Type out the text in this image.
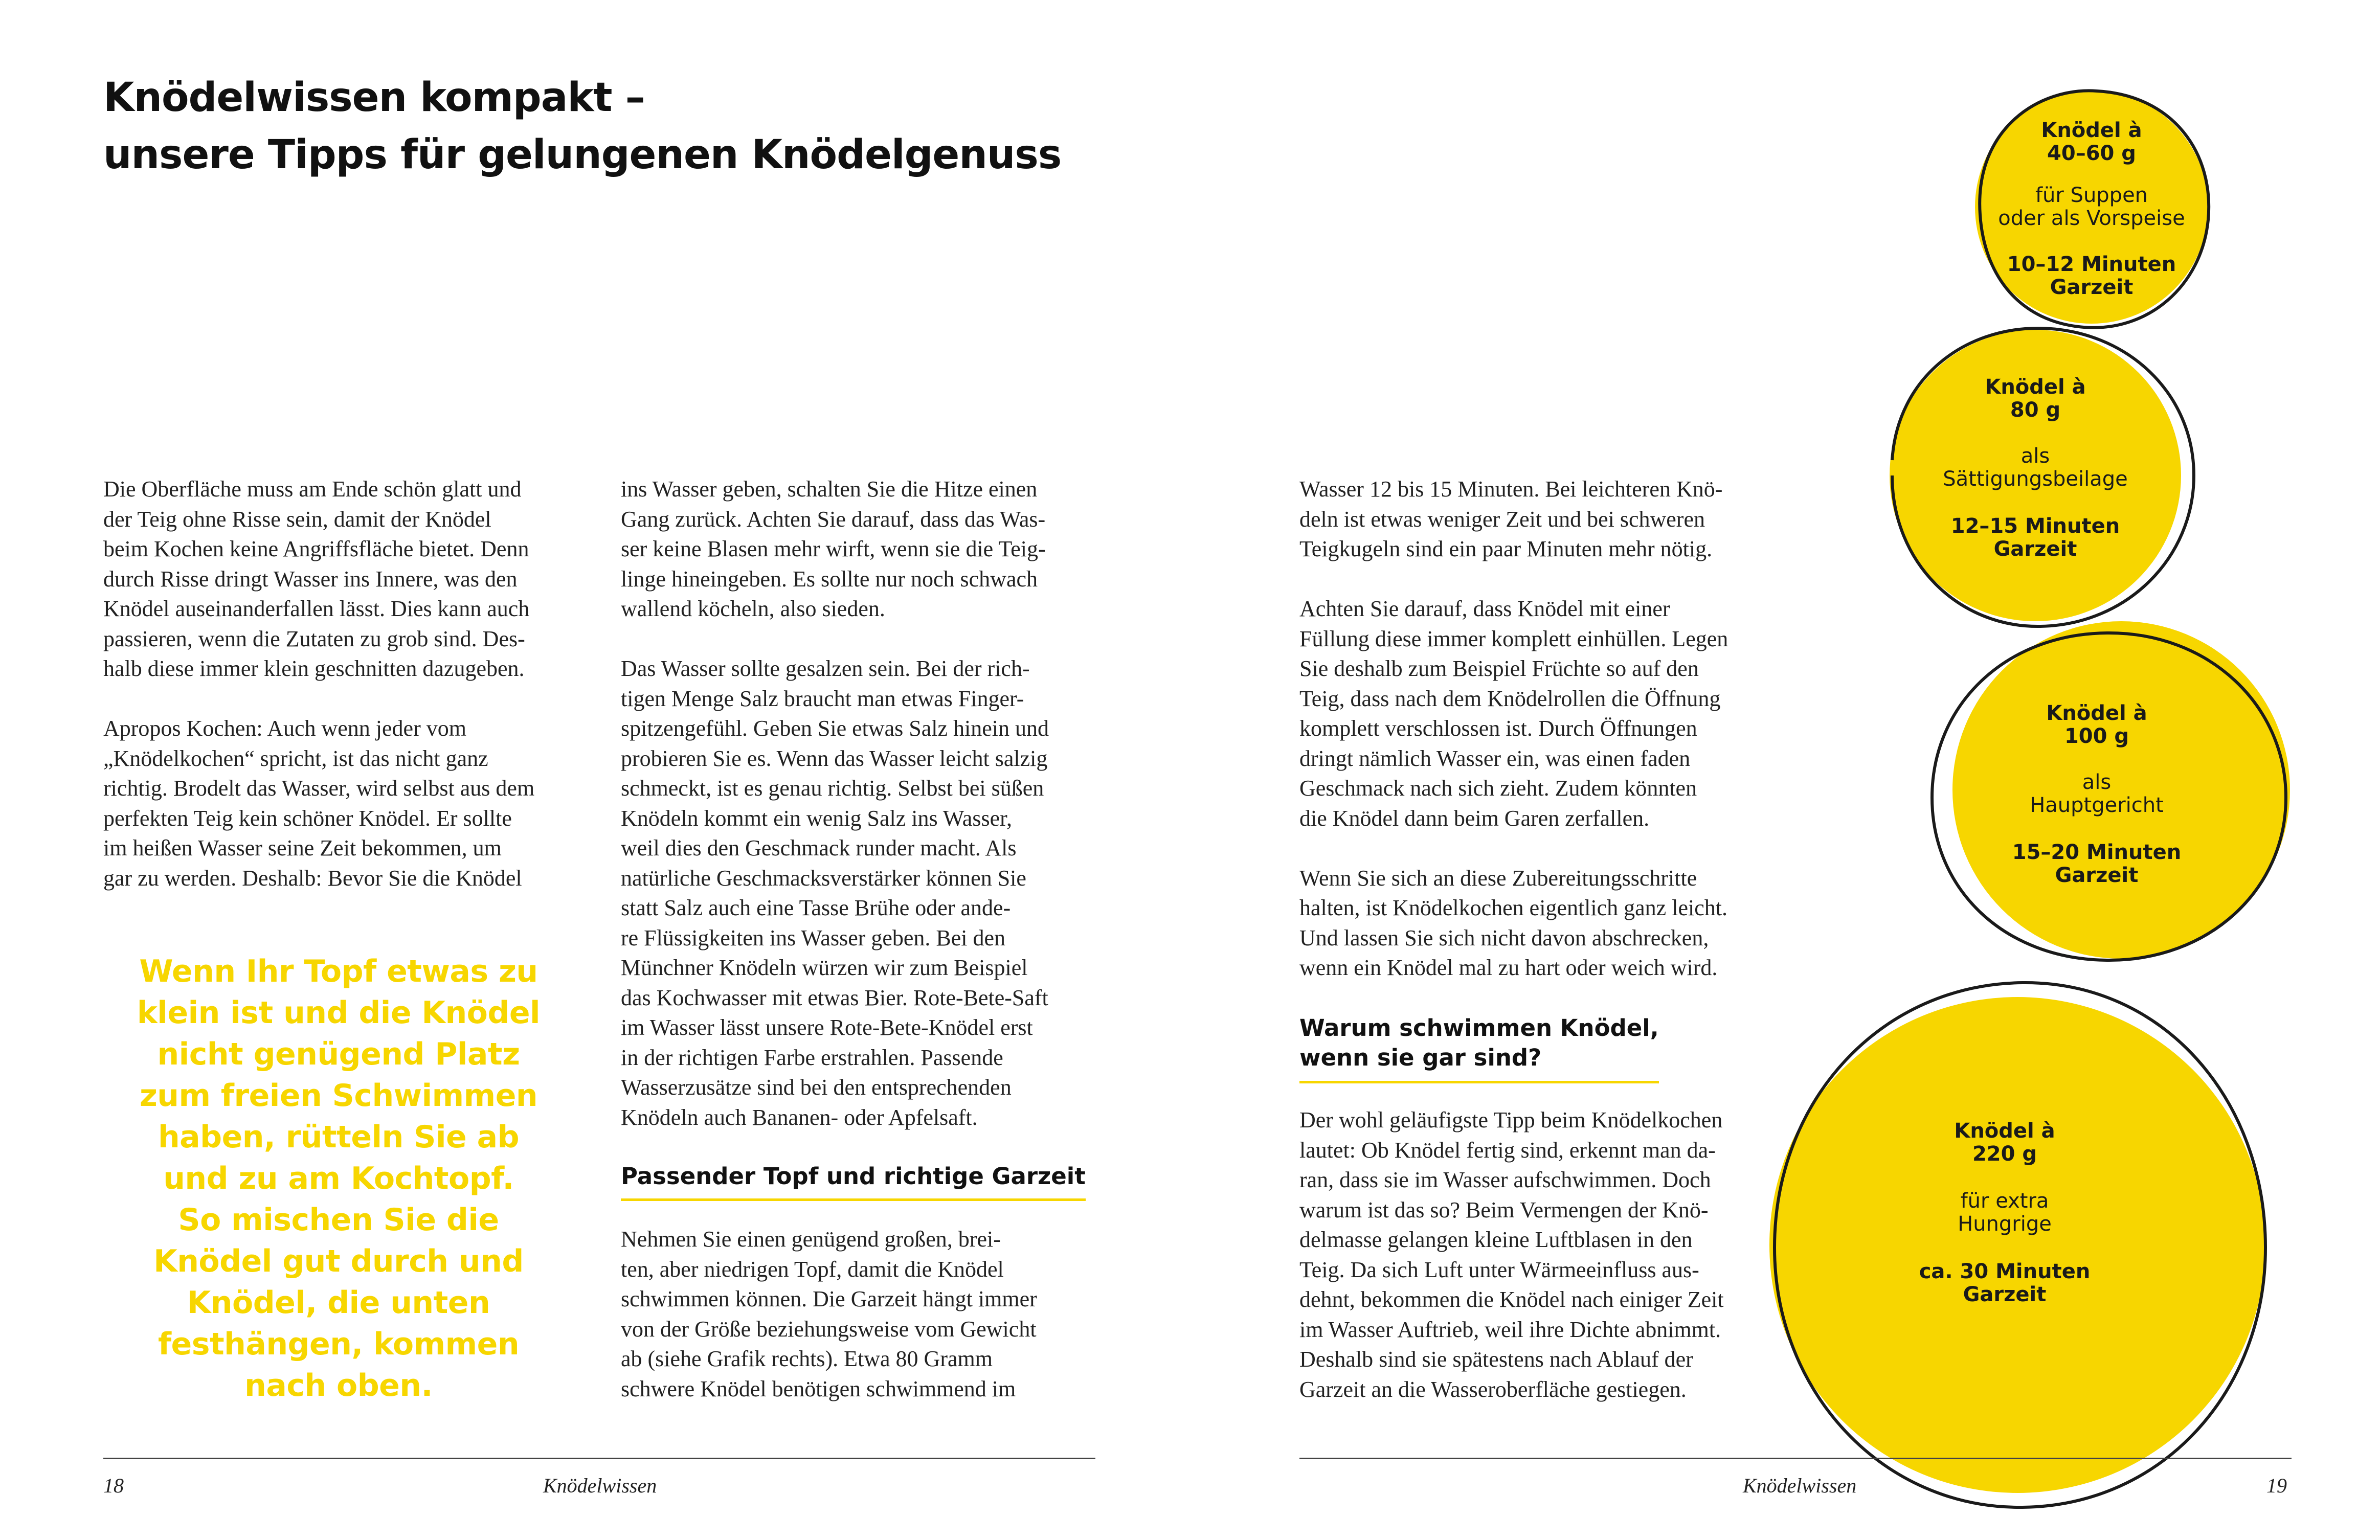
Knödelwissen kompakt –
unsere Tipps für gelungenen Knödelgenuss

Die Oberfläche muss am Ende schön glatt und
der Teig ohne Risse sein, damit der Knödel
beim Kochen keine Angriffsfläche bietet. Denn
durch Risse dringt Wasser ins Innere, was den
Knödel auseinanderfallen lässt. Dies kann auch
passieren, wenn die Zutaten zu grob sind. Des-
halb diese immer klein geschnitten dazugeben.

Apropos Kochen: Auch wenn jeder vom
„Knödelkochen“ spricht, ist das nicht ganz
richtig. Brodelt das Wasser, wird selbst aus dem
perfekten Teig kein schöner Knödel. Er sollte
im heißen Wasser seine Zeit bekommen, um
gar zu werden. Deshalb: Bevor Sie die Knödel

Wenn Ihr Topf etwas zu
klein ist und die Knödel
nicht genügend Platz
zum freien Schwimmen
haben, rütteln Sie ab
und zu am Kochtopf.
So mischen Sie die
Knödel gut durch und
Knödel, die unten
festhängen, kommen
nach oben.

ins Wasser geben, schalten Sie die Hitze einen
Gang zurück. Achten Sie darauf, dass das Was-
ser keine Blasen mehr wirft, wenn sie die Teig-
linge hineingeben. Es sollte nur noch schwach
wallend köcheln, also sieden.

Das Wasser sollte gesalzen sein. Bei der rich-
tigen Menge Salz braucht man etwas Finger-
spitzengefühl. Geben Sie etwas Salz hinein und
probieren Sie es. Wenn das Wasser leicht salzig
schmeckt, ist es genau richtig. Selbst bei süßen
Knödeln kommt ein wenig Salz ins Wasser,
weil dies den Geschmack runder macht. Als
natürliche Geschmacksverstärker können Sie
statt Salz auch eine Tasse Brühe oder ande-
re Flüssigkeiten ins Wasser geben. Bei den
Münchner Knödeln würzen wir zum Beispiel
das Kochwasser mit etwas Bier. Rote-Bete-Saft
im Wasser lässt unsere Rote-Bete-Knödel erst
in der richtigen Farbe erstrahlen. Passende
Wasserzusätze sind bei den entsprechenden
Knödeln auch Bananen- oder Apfelsaft.

Passender Topf und richtige Garzeit
Nehmen Sie einen genügend großen, brei-
ten, aber niedrigen Topf, damit die Knödel
schwimmen können. Die Garzeit hängt immer
von der Größe beziehungsweise vom Gewicht
ab (siehe Grafik rechts). Etwa 80 Gramm
schwere Knödel benötigen schwimmend im

Wasser 12 bis 15 Minuten. Bei leichteren Knö-
deln ist etwas weniger Zeit und bei schweren
Teigkugeln sind ein paar Minuten mehr nötig.

Achten Sie darauf, dass Knödel mit einer
Füllung diese immer komplett einhüllen. Legen
Sie deshalb zum Beispiel Früchte so auf den
Teig, dass nach dem Knödelrollen die Öffnung
komplett verschlossen ist. Durch Öffnungen
dringt nämlich Wasser ein, was einen faden
Geschmack nach sich zieht. Zudem könnten
die Knödel dann beim Garen zerfallen.

Wenn Sie sich an diese Zubereitungsschritte
halten, ist Knödelkochen eigentlich ganz leicht.
Und lassen Sie sich nicht davon abschrecken,
wenn ein Knödel mal zu hart oder weich wird.

Warum schwimmen Knödel,
wenn sie gar sind?
Der wohl geläufigste Tipp beim Knödelkochen
lautet: Ob Knödel fertig sind, erkennt man da-
ran, dass sie im Wasser aufschwimmen. Doch
warum ist das so? Beim Vermengen der Knö-
delmasse gelangen kleine Luftblasen in den
Teig. Da sich Luft unter Wärmeeinfluss aus-
dehnt, bekommen die Knödel nach einiger Zeit
im Wasser Auftrieb, weil ihre Dichte abnimmt.
Deshalb sind sie spätestens nach Ablauf der
Garzeit an die Wasseroberfläche gestiegen.
Knödel à
40–60 g
für Suppen
oder als Vorspeise
10–12 Minuten
Garzeit
Knödel à
80 g
als
Sättigungsbeilage
12–15 Minuten
Garzeit
Knödel à
100 g
als
Hauptgericht
15–20 Minuten
Garzeit
Knödel à
220 g
für extra
Hungrige
ca. 30 Minuten
Garzeit
18	Knödelwissen	Knödelwissen	19
